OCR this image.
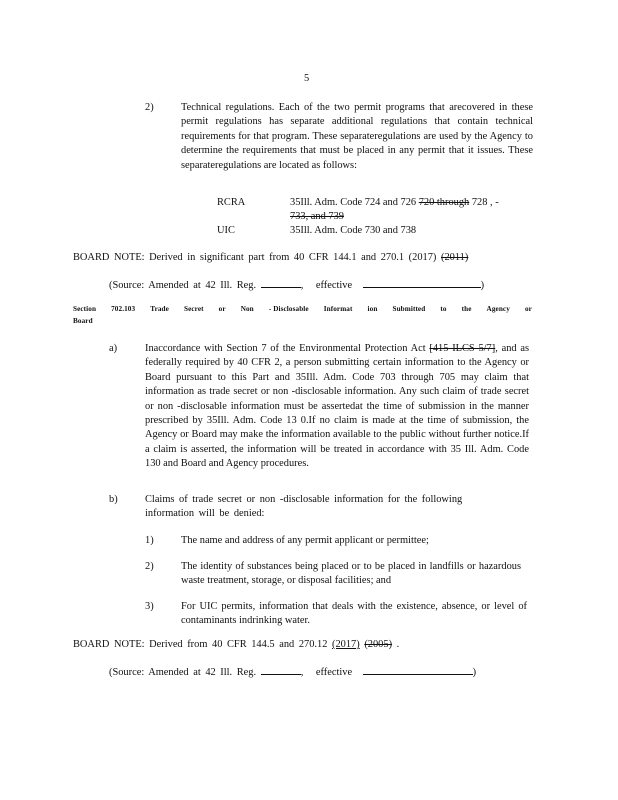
5
2)	Technical regulations. Each of the two permit programs that arecovered in these permit regulations has separate additional regulations that contain technical requirements for that program. These separateregulations are used by the Agency to determine the requirements that must be placed in any permit that it issues. These separateregulations are located as follows:
RCRA	35Ill. Adm. Code 724 and 726 720 through 728 , -
733, and 739
UIC	35Ill. Adm. Code 730 and 738
BOARD NOTE: Derived in significant part from 40 CFR 144.1 and 270.1 (2017) (2011)
(Source: Amended at 42 Ill. Reg.	, effective	)
Section 702.103 Trade Secret or Non - Disclosable Informat ion Submitted to the Agency or
Board
a)	Inaccordance with Section 7 of the Environmental Protection Act [415 ILCS 5/7], and as federally required by 40 CFR 2, a person submitting certain information to the Agency or Board pursuant to this Part and 35Ill. Adm. Code 703 through 705 may claim that information as trade secret or non -disclosable information. Any such claim of trade secret or non -disclosable information must be assertedat the time of submission in the manner prescribed by 35Ill. Adm. Code 13 0.If no claim is made at the time of submission, the Agency or Board may make the information available to the public without further notice.If a claim is asserted, the information will be treated in accordance with 35 Ill. Adm. Code 130 and Board and Agency procedures.
b)	Claims of trade secret or non -disclosable information for the following information will be denied:
1)	The name and address of any permit applicant or permittee;
2)	The identity of substances being placed or to be placed in landfills or hazardous waste treatment, storage, or disposal facilities; and
3)	For UIC permits, information that deals with the existence, absence, or level of contaminants indrinking water.
BOARD NOTE: Derived from 40 CFR 144.5 and 270.12 (2017) (2005) .
(Source: Amended at 42 Ill. Reg.	, effective	)
